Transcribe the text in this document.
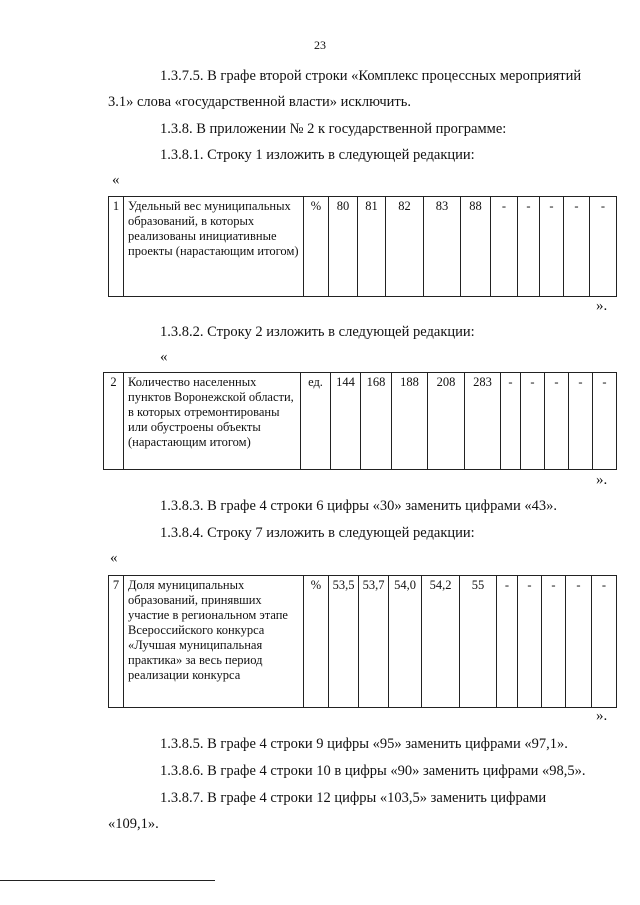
23
1.3.7.5. В графе второй строки «Комплекс процессных мероприятий
3.1» слова «государственной власти» исключить.
1.3.8. В приложении № 2 к государственной программе:
1.3.8.1. Строку 1 изложить в следующей редакции:
«
1	Удельный вес муниципальных образований, в которых реализованы инициативные проекты (нарастающим итогом)	%	80	81	82	83	88	-	-	-	-	-
».
1.3.8.2. Строку 2 изложить в следующей редакции:
«
2	Количество населенных пунктов Воронежской области, в которых отремонтированы или обустроены объекты (нарастающим итогом)	ед.	144	168	188	208	283	-	-	-	-	-
».
1.3.8.3. В графе 4 строки 6 цифры «30» заменить цифрами «43».
1.3.8.4. Строку 7 изложить в следующей редакции:
«
7	Доля муниципальных образований, принявших участие в региональном этапе Всероссийского конкурса «Лучшая муниципальная практика» за весь период реализации конкурса	%	53,5	53,7	54,0	54,2	55	-	-	-	-	-
».
1.3.8.5. В графе 4 строки 9 цифры «95» заменить цифрами «97,1».
1.3.8.6. В графе 4 строки 10 в цифры «90» заменить цифрами «98,5».
1.3.8.7. В графе 4 строки 12 цифры «103,5» заменить цифрами
«109,1».
